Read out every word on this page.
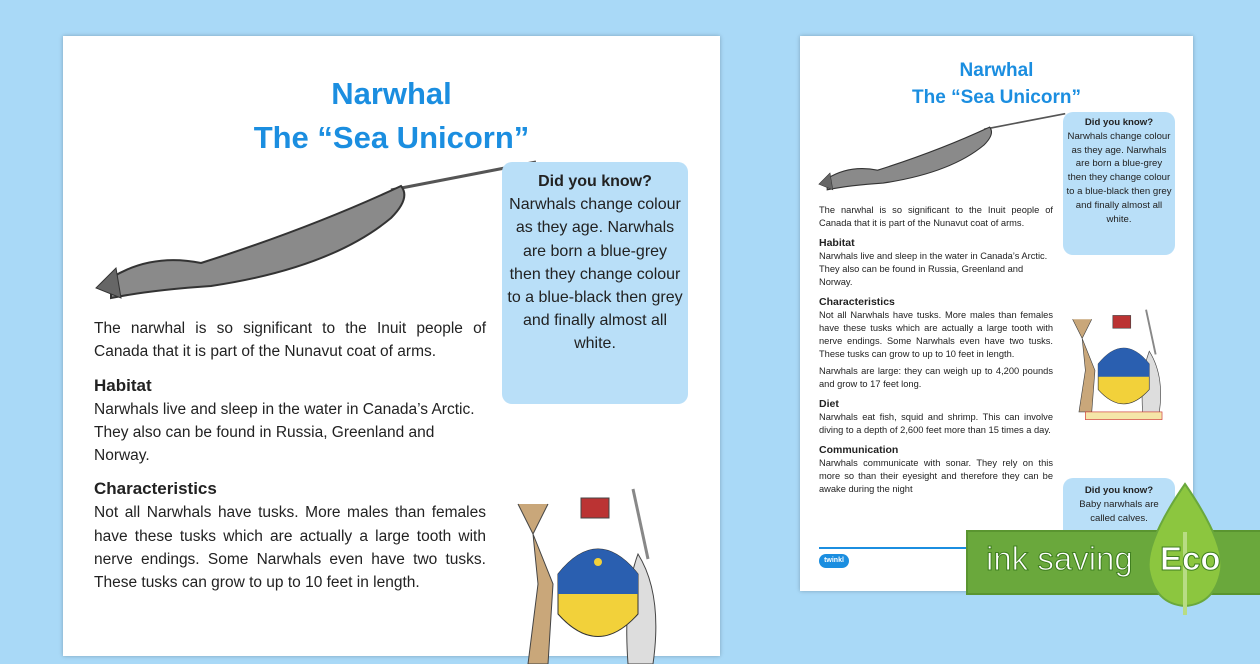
Narwhal
The “Sea Unicorn”
Did you know?
Narwhals change colour as they age. Narwhals are born a blue-grey then they change colour to a blue-black then grey and finally almost all white.

The narwhal is so significant to the Inuit people of Canada that it is part of the Nunavut coat of arms.

Habitat

Narwhals live and sleep in the water in Canada’s Arctic. They also can be found in Russia, Greenland and Norway.

Characteristics

Not all Narwhals have tusks. More males than females have these tusks which are actually a large tooth with nerve endings. Some Narwhals even have two tusks. These tusks can grow to up to 10 feet in length.

Narwhal
The “Sea Unicorn”
Did you know?
Narwhals change colour as they age. Narwhals are born a blue-grey then they change colour to a blue-black then grey and finally almost all white.

The narwhal is so significant to the Inuit people of Canada that it is part of the Nunavut coat of arms.

Habitat

Narwhals live and sleep in the water in Canada’s Arctic. They also can be found in Russia, Greenland and Norway.

Characteristics

Not all Narwhals have tusks. More males than females have these tusks which are actually a large tooth with nerve endings. Some Narwhals even have two tusks. These tusks can grow to up to 10 feet in length.

Narwhals are large: they can weigh up to 4,200 pounds and grow to 17 feet long.

Diet

Narwhals eat fish, squid and shrimp. This can involve diving to a depth of 2,600 feet more than 15 times a day.

Communication

Narwhals communicate with sonar. They rely on this more so than their eyesight and therefore they can be awake during the night	Did you know?
Baby narwhals are called calves.
twinkl	ink saving Eco
